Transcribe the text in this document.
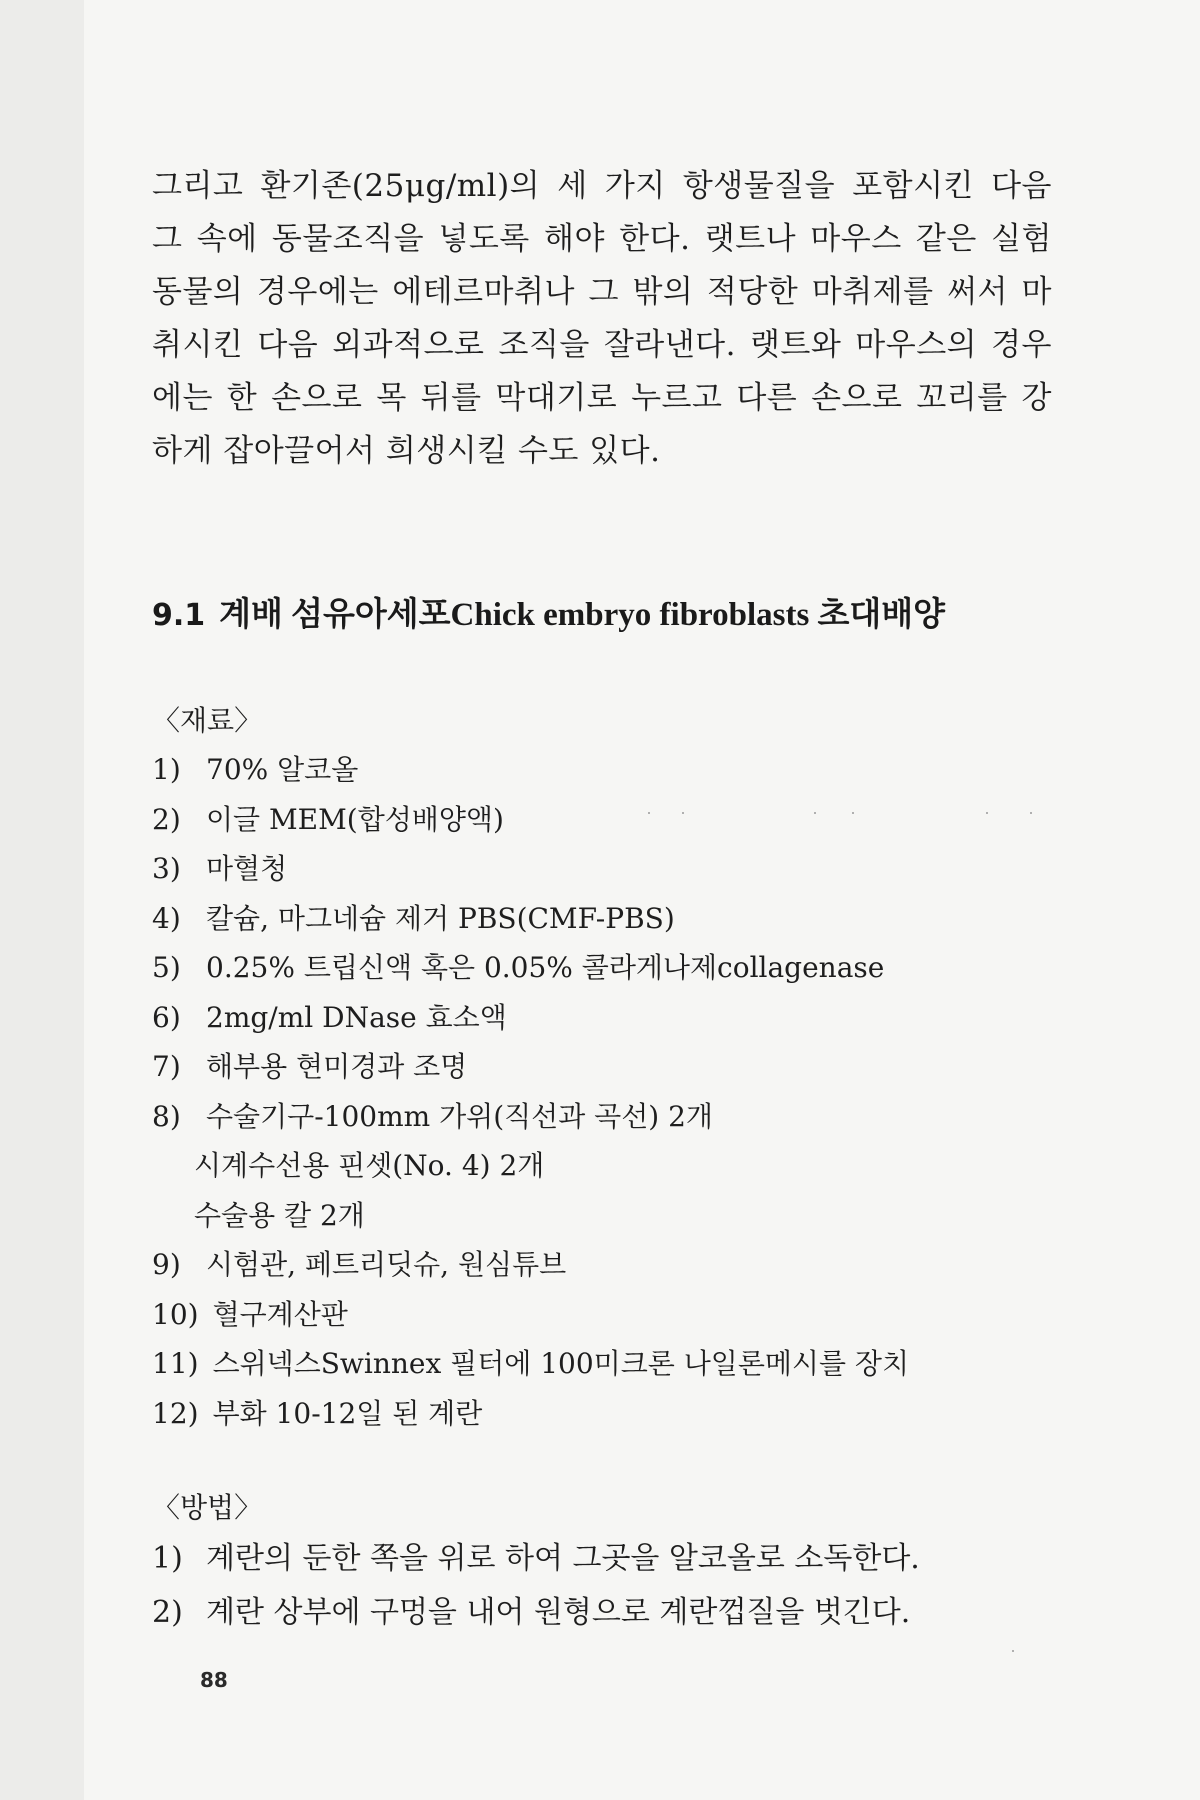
그리고 환기존(25μg/ml)의 세 가지 항생물질을 포함시킨 다음

그 속에 동물조직을 넣도록 해야 한다. 랫트나 마우스 같은 실험

동물의 경우에는 에테르마취나 그 밖의 적당한 마취제를 써서 마

취시킨 다음 외과적으로 조직을 잘라낸다. 랫트와 마우스의 경우

에는 한 손으로 목 뒤를 막대기로 누르고 다른 손으로 꼬리를 강

하게 잡아끌어서 희생시킬 수도 있다.

9.1 계배 섬유아세포Chick embryo fibroblasts 초대배양
〈재료〉
1) 70% 알코올
2) 이글 MEM(합성배양액)
3) 마혈청
4) 칼슘, 마그네슘 제거 PBS(CMF-PBS)
5) 0.25% 트립신액 혹은 0.05% 콜라게나제collagenase
6) 2mg/ml DNase 효소액
7) 해부용 현미경과 조명
8) 수술기구-100mm 가위(직선과 곡선) 2개
시계수선용 핀셋(No. 4) 2개
수술용 칼 2개
9) 시험관, 페트리딧슈, 원심튜브
10) 혈구계산판
11) 스위넥스Swinnex 필터에 100미크론 나일론메시를 장치
12) 부화 10-12일 된 계란
〈방법〉
1) 계란의 둔한 쪽을 위로 하여 그곳을 알코올로 소독한다.
2) 계란 상부에 구멍을 내어 원형으로 계란껍질을 벗긴다.
88
